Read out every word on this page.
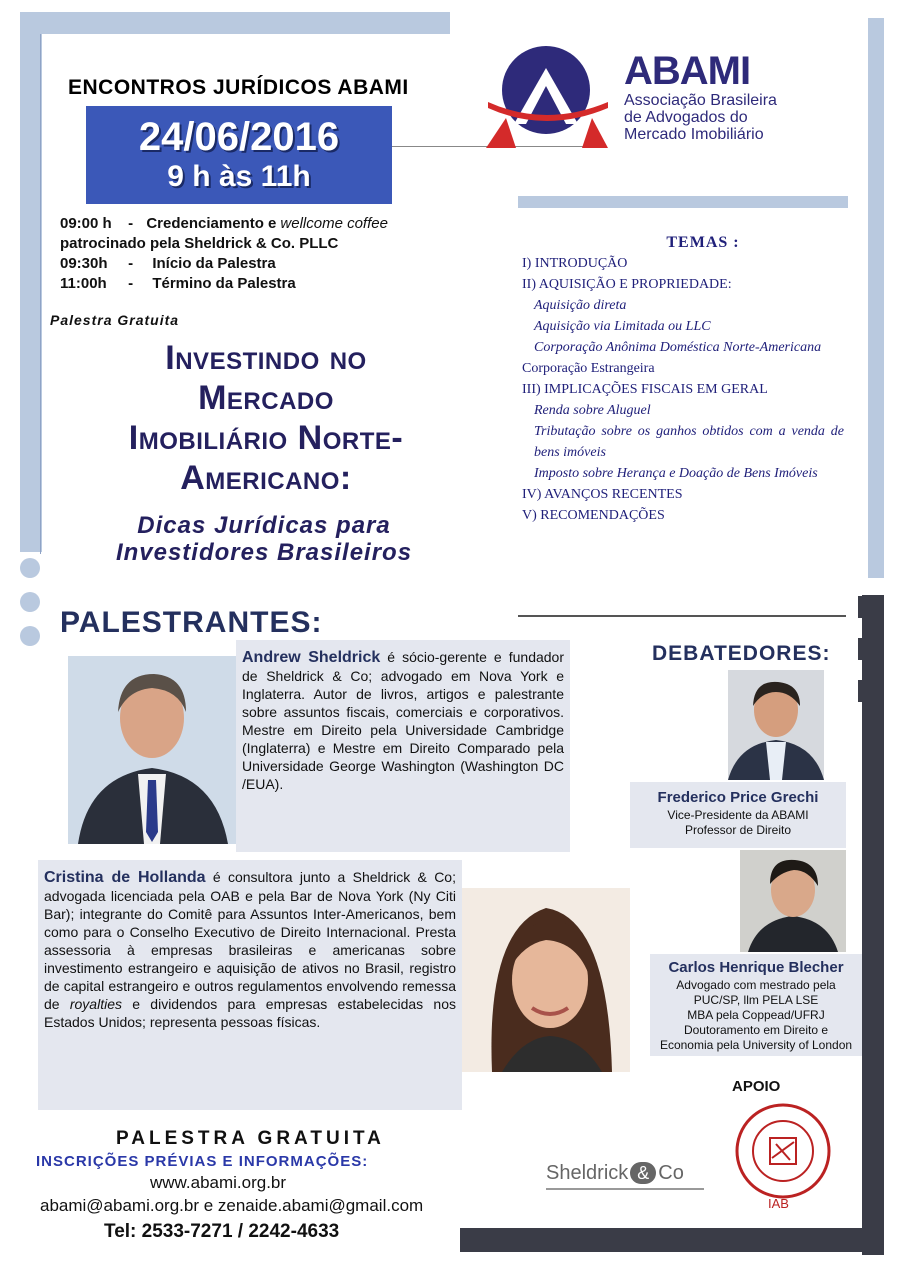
ENCONTROS JURÍDICOS ABAMI
24/06/2016
9 h às 11h
ABAMI
Associação Brasileira
de Advogados do
Mercado Imobiliário
09:00 h - Credenciamento ewellcome coffee
patrocinado pela Sheldrick & Co. PLLC
09:30h - Início da Palestra
11:00h - Término da Palestra
Palestra Gratuita
Investindo no
Mercado
Imobiliário Norte-
Americano:
Dicas Jurídicas para
Investidores Brasileiros
TEMAS :
I) INTRODUÇÃO
II) AQUISIÇÃO E PROPRIEDADE:
Aquisição direta
Aquisição via Limitada ou LLC
Corporação Anônima Doméstica Norte-Americana
Corporação Estrangeira
III) IMPLICAÇÕES FISCAIS EM GERAL
Renda sobre Aluguel
Tributação sobre os ganhos obtidos com a venda de bens imóveis
Imposto sobre Herança e Doação de Bens Imóveis
IV) AVANÇOS RECENTES
V) RECOMENDAÇÕES
PALESTRANTES:

Andrew Sheldrick é sócio-gerente e fundador de Sheldrick & Co; advogado em Nova York e Inglaterra. Autor de livros, artigos e palestrante sobre assuntos fiscais, comerciais e corporativos. Mestre em Direito pela Universidade Cambridge (Inglaterra) e Mestre em Direito Comparado pela Universidade George Washington (Washington DC /EUA).

Cristina de Hollanda é consultora junto a Sheldrick & Co; advogada licenciada pela OAB e pela Bar de Nova York (Ny Citi Bar); integrante do Comitê para Assuntos Inter-Americanos, bem como para o Conselho Executivo de Direito Internacional. Presta assessoria à empresas brasileiras e americanas sobre investimento estrangeiro e aquisição de ativos no Brasil, registro de capital estrangeiro e outros regulamentos envolvendo remessa de royalties e dividendos para empresas estabelecidas nos Estados Unidos; representa pessoas físicas.

DEBATEDORES:
Frederico Price Grechi
Vice-Presidente da ABAMI
Professor de Direito
Carlos Henrique Blecher
Advogado com mestrado pela
PUC/SP, llm PELA LSE
MBA pela Coppead/UFRJ
Doutoramento em Direito e
Economia pela University of London
PALESTRA GRATUITA
INSCRIÇÕES PRÉVIAS E INFORMAÇÕES:
www.abami.org.br
abami@abami.org.br e zenaide.abami@gmail.com
Tel: 2533-7271 / 2242-4633
Sheldrick & Co
APOIO
IAB
